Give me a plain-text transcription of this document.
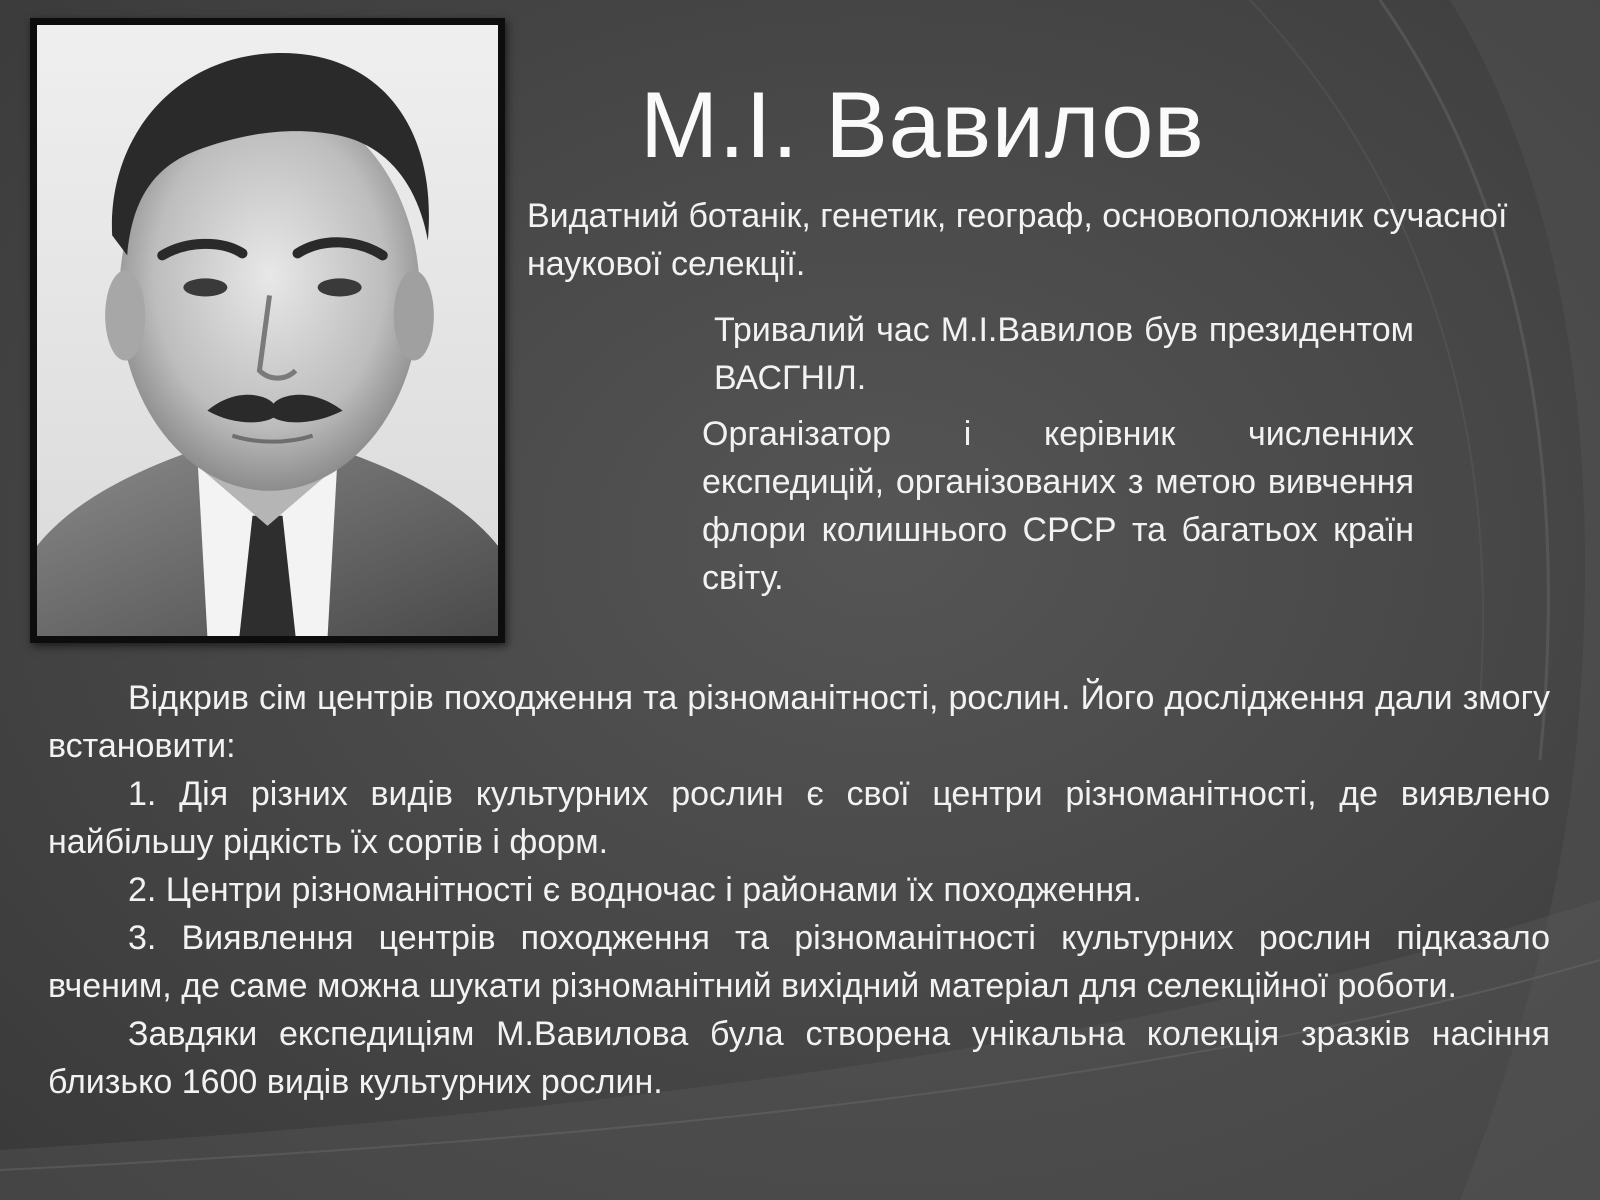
М.І. Вавилов

Видатний ботанік, генетик, географ, основоположник сучасної наукової селекції.

Тривалий час М.І.Вавилов був президентом ВАСГНІЛ.

Організатор і керівник численних експедицій, організованих з метою вивчення флори колишнього СРСР та багатьох країн світу.

Відкрив сім центрів походження та різноманітності, рослин. Його дослідження дали змогу встановити:

1. Дія різних видів культурних рослин є свої центри різноманітності, де виявлено найбільшу рідкість їх сортів і форм.

2. Центри різноманітності є водночас і районами їх походження.

3. Виявлення центрів походження та різноманітності культурних рослин підказало вченим, де саме можна шукати різноманітний вихідний матеріал для селекційної роботи.

Завдяки експедиціям М.Вавилова була створена унікальна колекція зразків насіння близько 1600 видів культурних рослин.
